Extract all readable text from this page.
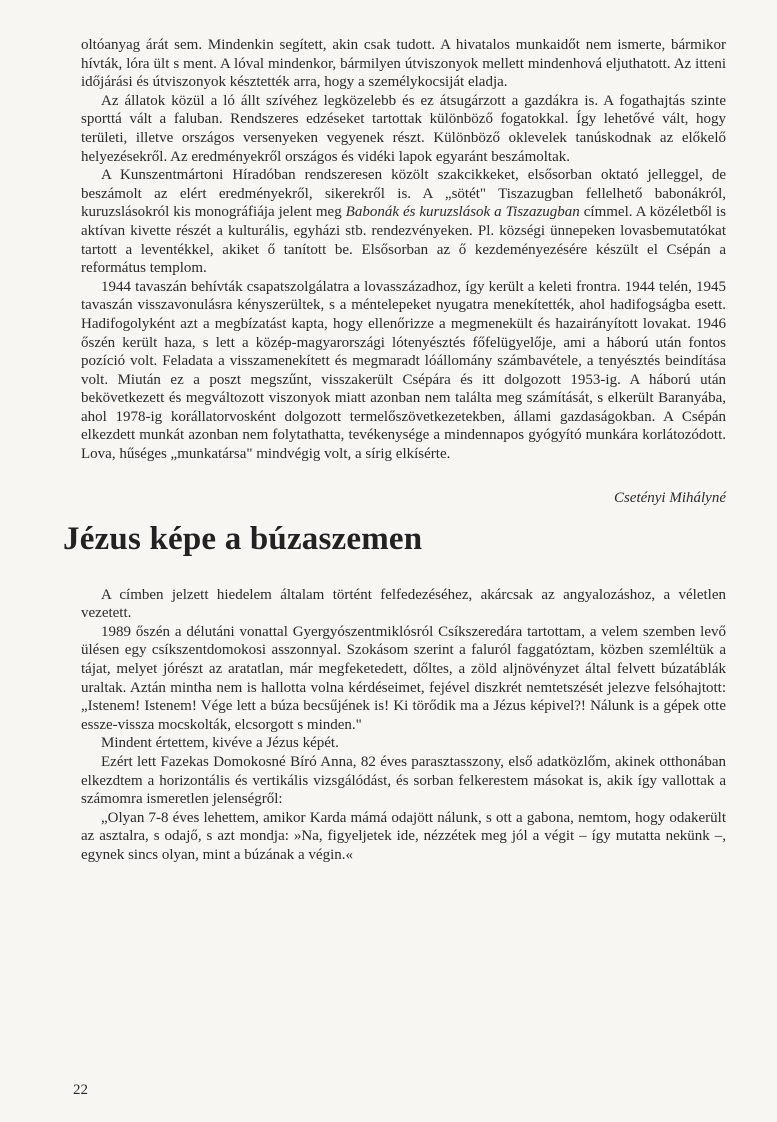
oltóanyag árát sem. Mindenkin segített, akin csak tudott. A hivatalos munkaidőt nem ismerte, bármikor hívták, lóra ült s ment. A lóval mindenkor, bármilyen útviszonyok mellett mindenhová eljuthatott. Az itteni időjárási és útviszonyok késztették arra, hogy a személykocsiját eladja.

Az állatok közül a ló állt szívéhez legközelebb és ez átsugárzott a gazdákra is. A fogathajtás szinte sporttá vált a faluban. Rendszeres edzéseket tartottak különböző fogatokkal. Így lehetővé vált, hogy területi, illetve országos versenyeken vegyenek részt. Különböző oklevelek tanúskodnak az előkelő helyezésekről. Az eredményekről országos és vidéki lapok egyaránt beszámoltak.

A Kunszentmártoni Híradóban rendszeresen közölt szakcikkeket, elsősorban oktató jelleggel, de beszámolt az elért eredményekről, sikerekről is. A „sötét" Tiszazugban fellelhető babonákról, kuruzslásokról kis monográfiája jelent meg Babonák és kuruzslások a Tiszazugban címmel. A közéletből is aktívan kivette részét a kulturális, egyházi stb. rendezvényeken. Pl. községi ünnepeken lovasbemutatókat tartott a leventékkel, akiket ő tanított be. Elsősorban az ő kezdeményezésére készült el Csépán a református templom.

1944 tavaszán behívták csapatszolgálatra a lovasszázadhoz, így került a keleti frontra. 1944 telén, 1945 tavaszán visszavonulásra kényszerültek, s a méntelepeket nyugatra menekítették, ahol hadifogságba esett. Hadifogolyként azt a megbízatást kapta, hogy ellenőrizze a megmenekült és hazairányított lovakat. 1946 őszén került haza, s lett a közép-magyarországi lótenyésztés főfelügyelője, ami a háború után fontos pozíció volt. Feladata a visszamenekített és megmaradt lóállomány számbavétele, a tenyésztés beindítása volt. Miután ez a poszt megszűnt, visszakerült Csépára és itt dolgozott 1953-ig. A háború után bekövetkezett és megváltozott viszonyok miatt azonban nem találta meg számítását, s elkerült Baranyába, ahol 1978-ig korállatorvosként dolgozott termelőszövetkezetekben, állami gazdaságokban. A Csépán elkezdett munkát azonban nem folytathatta, tevékenysége a mindennapos gyógyító munkára korlátozódott. Lova, hűséges „munkatársa" mindvégig volt, a sírig elkísérte.

Csetényi Mihályné

Jézus képe a búzaszemen

A címben jelzett hiedelem általam történt felfedezéséhez, akárcsak az angyalozáshoz, a véletlen vezetett.

1989 őszén a délutáni vonattal Gyergyószentmiklósról Csíkszeredára tartottam, a velem szemben levő ülésen egy csíkszentdomokosi asszonnyal. Szokásom szerint a faluról faggatóztam, közben szemléltük a tájat, melyet jórészt az aratatlan, már megfeketedett, dőltes, a zöld aljnövényzet által felvett búzatáblák uraltak. Aztán mintha nem is hallotta volna kérdéseimet, fejével diszkrét nemtetszését jelezve felsóhajtott: „Istenem! Istenem! Vége lett a búza becsűjének is! Ki törődik ma a Jézus képivel?! Nálunk is a gépek otte essze-vissza mocskolták, elcsorgott s minden."

Mindent értettem, kivéve a Jézus képét.

Ezért lett Fazekas Domokosné Bíró Anna, 82 éves parasztasszony, első adatközlőm, akinek otthonában elkezdtem a horizontális és vertikális vizsgálódást, és sorban felkerestem másokat is, akik így vallottak a számomra ismeretlen jelenségről:

„Olyan 7-8 éves lehettem, amikor Karda mámá odajött nálunk, s ott a gabona, nemtom, hogy odakerült az asztalra, s odajő, s azt mondja: »Na, figyeljetek ide, nézzétek meg jól a végit – így mutatta nekünk –, egynek sincs olyan, mint a búzának a végin.«

22
